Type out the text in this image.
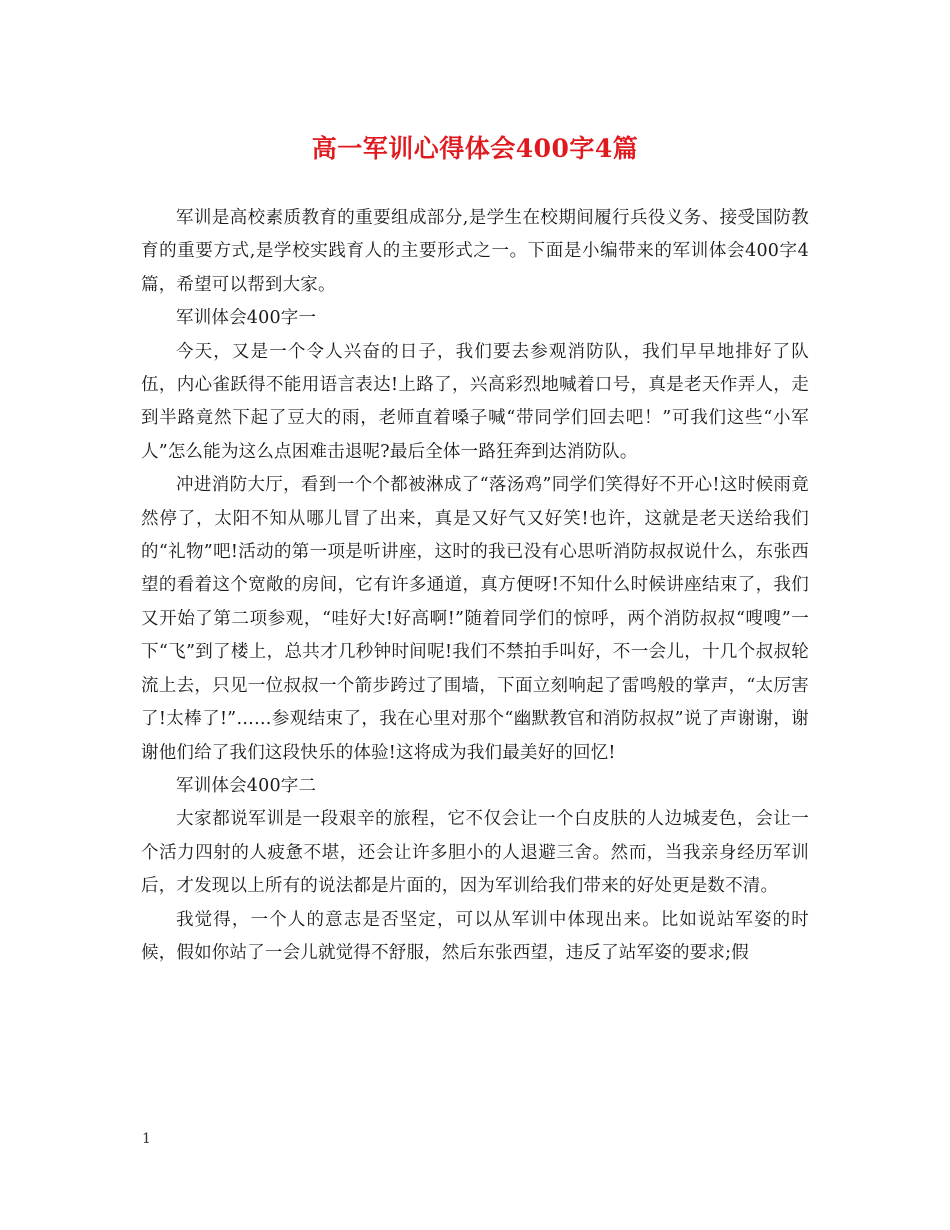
高一军训心得体会400字4篇

军训是高校素质教育的重要组成部分,是学生在校期间履行兵役义务、接受国防教育的重要方式,是学校实践育人的主要形式之一。下面是小编带来的军训体会400字4篇，希望可以帮到大家。

军训体会400字一

今天，又是一个令人兴奋的日子，我们要去参观消防队，我们早早地排好了队伍，内心雀跃得不能用语言表达!上路了，兴高彩烈地喊着口号，真是老天作弄人，走到半路竟然下起了豆大的雨，老师直着嗓子喊“带同学们回去吧！”可我们这些“小军人”怎么能为这么点困难击退呢?最后全体一路狂奔到达消防队。

冲进消防大厅，看到一个个都被淋成了“落汤鸡”同学们笑得好不开心!这时候雨竟然停了，太阳不知从哪儿冒了出来，真是又好气又好笑!也许，这就是老天送给我们的“礼物”吧!活动的第一项是听讲座，这时的我已没有心思听消防叔叔说什么，东张西望的看着这个宽敞的房间，它有许多通道，真方便呀!不知什么时候讲座结束了，我们又开始了第二项参观，“哇好大!好高啊!”随着同学们的惊呼，两个消防叔叔“嗖嗖”一下“飞”到了楼上，总共才几秒钟时间呢!我们不禁拍手叫好，不一会儿，十几个叔叔轮流上去，只见一位叔叔一个箭步跨过了围墙，下面立刻响起了雷鸣般的掌声，“太厉害了!太棒了!”……参观结束了，我在心里对那个“幽默教官和消防叔叔”说了声谢谢，谢谢他们给了我们这段快乐的体验!这将成为我们最美好的回忆!

军训体会400字二

大家都说军训是一段艰辛的旅程，它不仅会让一个白皮肤的人边城麦色，会让一个活力四射的人疲惫不堪，还会让许多胆小的人退避三舍。然而，当我亲身经历军训后，才发现以上所有的说法都是片面的，因为军训给我们带来的好处更是数不清。

我觉得，一个人的意志是否坚定，可以从军训中体现出来。比如说站军姿的时候，假如你站了一会儿就觉得不舒服，然后东张西望，违反了站军姿的要求;假

1
